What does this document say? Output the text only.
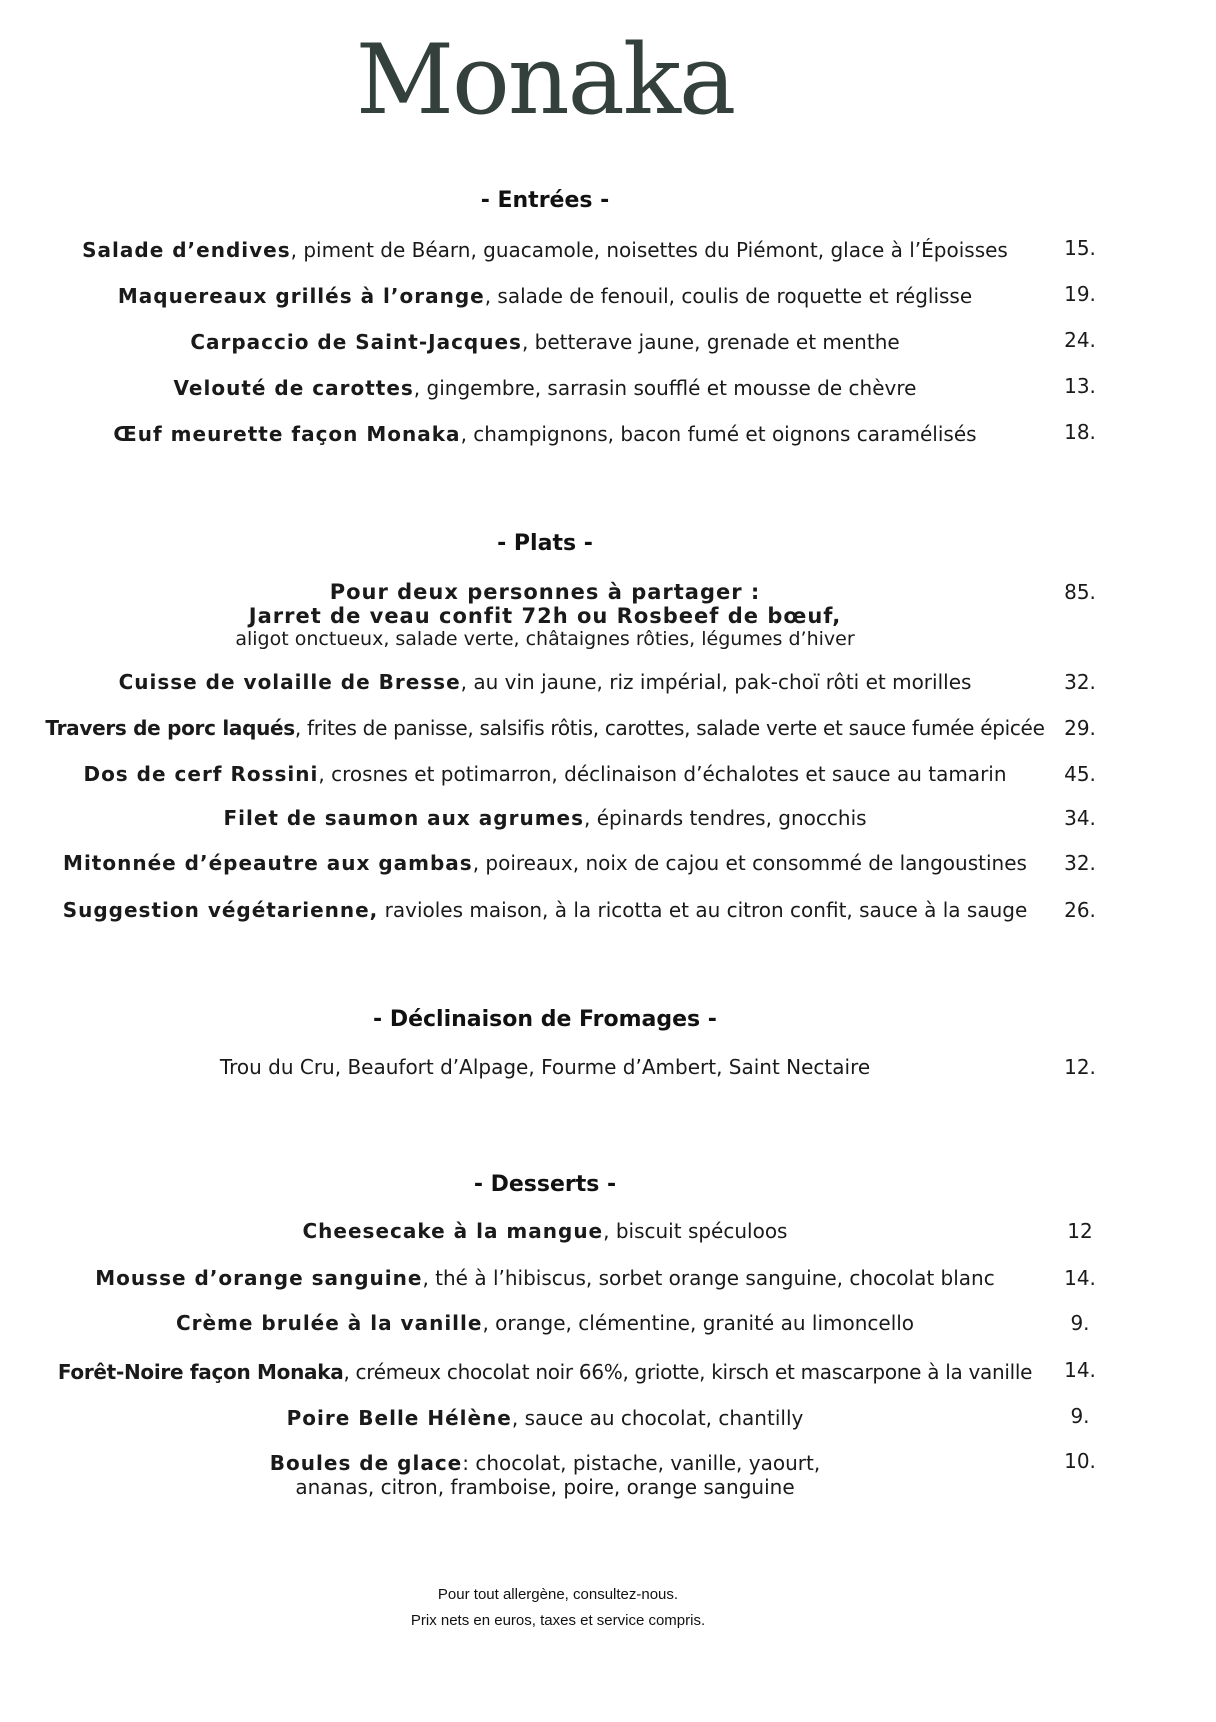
Monaka
- Entrées -
Salade d’endives, piment de Béarn, guacamole, noisettes du Piémont, glace à l’Époisses	15.
Maquereaux grillés à l’orange, salade de fenouil, coulis de roquette et réglisse	19.
Carpaccio de Saint-Jacques, betterave jaune, grenade et menthe	24.
Velouté de carottes, gingembre, sarrasin soufflé et mousse de chèvre	13.
Œuf meurette façon Monaka, champignons, bacon fumé et oignons caramélisés	18.
- Plats -
Pour deux personnes à partager :
Jarret de veau confit 72h ou Rosbeef de bœuf,
aligot onctueux, salade verte, châtaignes rôties, légumes d’hiver
85.
Cuisse de volaille de Bresse, au vin jaune, riz impérial, pak-choï rôti et morilles	32.
Travers de porc laqués, frites de panisse, salsifis rôtis, carottes, salade verte et sauce fumée épicée 29.
Dos de cerf Rossini, crosnes et potimarron, déclinaison d’échalotes et sauce au tamarin	45.
Filet de saumon aux agrumes, épinards tendres, gnocchis	34.
Mitonnée d’épeautre aux gambas, poireaux, noix de cajou et consommé de langoustines	32.
Suggestion végétarienne, ravioles maison, à la ricotta et au citron confit, sauce à la sauge	26.
- Déclinaison de Fromages -
Trou du Cru, Beaufort d’Alpage, Fourme d’Ambert, Saint Nectaire	12.
- Desserts -
Cheesecake à la mangue, biscuit spéculoos	12
Mousse d’orange sanguine, thé à l’hibiscus, sorbet orange sanguine, chocolat blanc	14.
Crème brulée à la vanille, orange, clémentine, granité au limoncello	9.
Forêt-Noire façon Monaka, crémeux chocolat noir 66%, griotte, kirsch et mascarpone à la vanille	14.
Poire Belle Hélène, sauce au chocolat, chantilly	9.
Boules de glace: chocolat, pistache, vanille, yaourt,
ananas, citron, framboise, poire, orange sanguine
10.
Pour tout allergène, consultez-nous.
Prix nets en euros, taxes et service compris.
